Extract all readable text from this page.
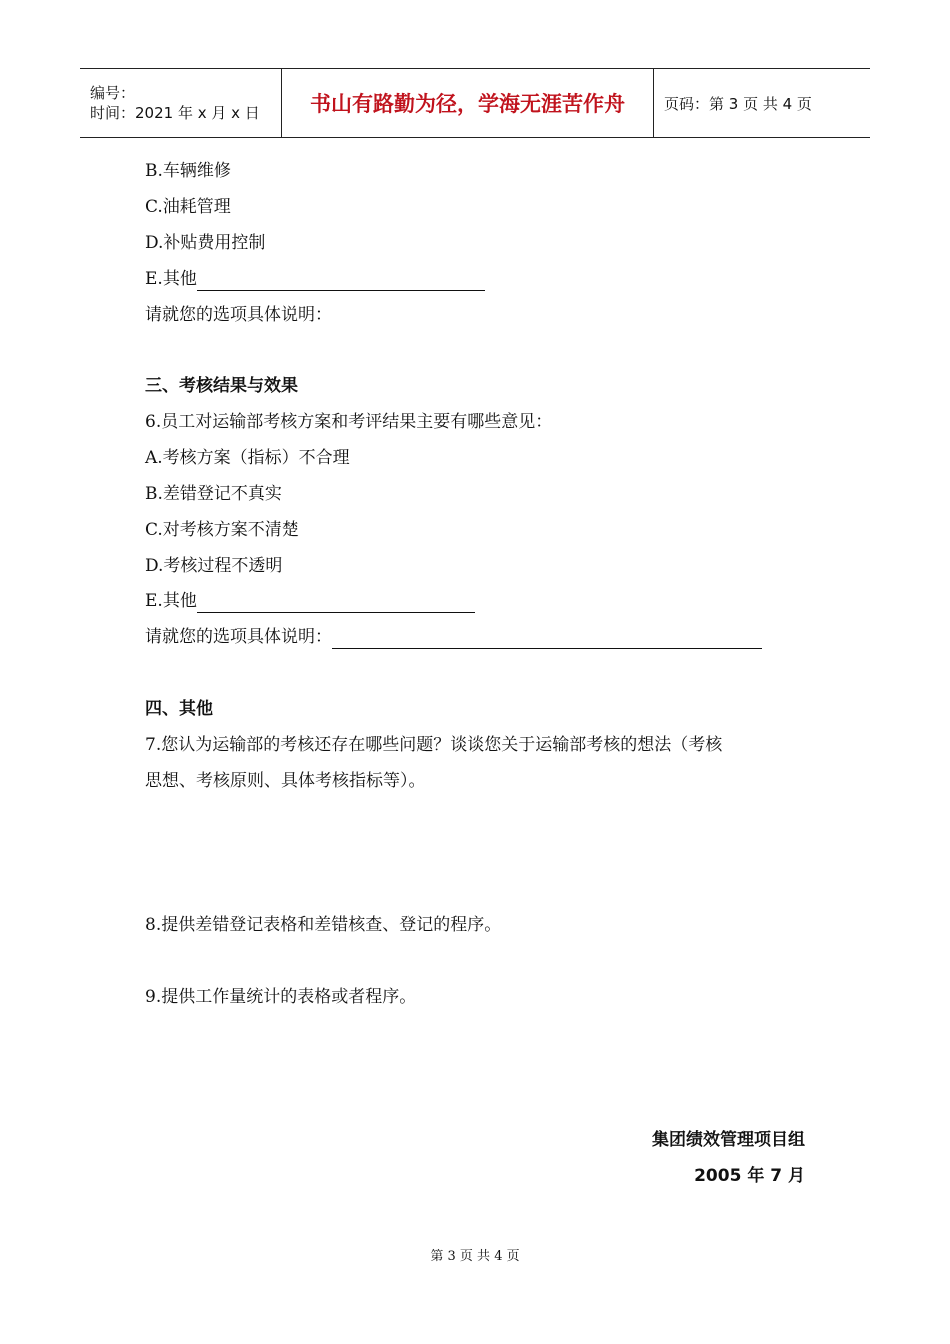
编号：
时间：2021 年 x 月 x 日	书山有路勤为径，学海无涯苦作舟	页码：第 3 页 共 4 页
B.车辆维修
C.油耗管理
D.补贴费用控制
E.其他
请就您的选项具体说明：
三、考核结果与效果
6.员工对运输部考核方案和考评结果主要有哪些意见：
A.考核方案（指标）不合理
B.差错登记不真实
C.对考核方案不清楚
D.考核过程不透明
E.其他
请就您的选项具体说明：
四、其他
7.您认为运输部的考核还存在哪些问题？谈谈您关于运输部考核的想法（考核
思想、考核原则、具体考核指标等）。
8.提供差错登记表格和差错核查、登记的程序。
9.提供工作量统计的表格或者程序。
集团绩效管理项目组
2005 年 7 月
第 3 页 共 4 页
